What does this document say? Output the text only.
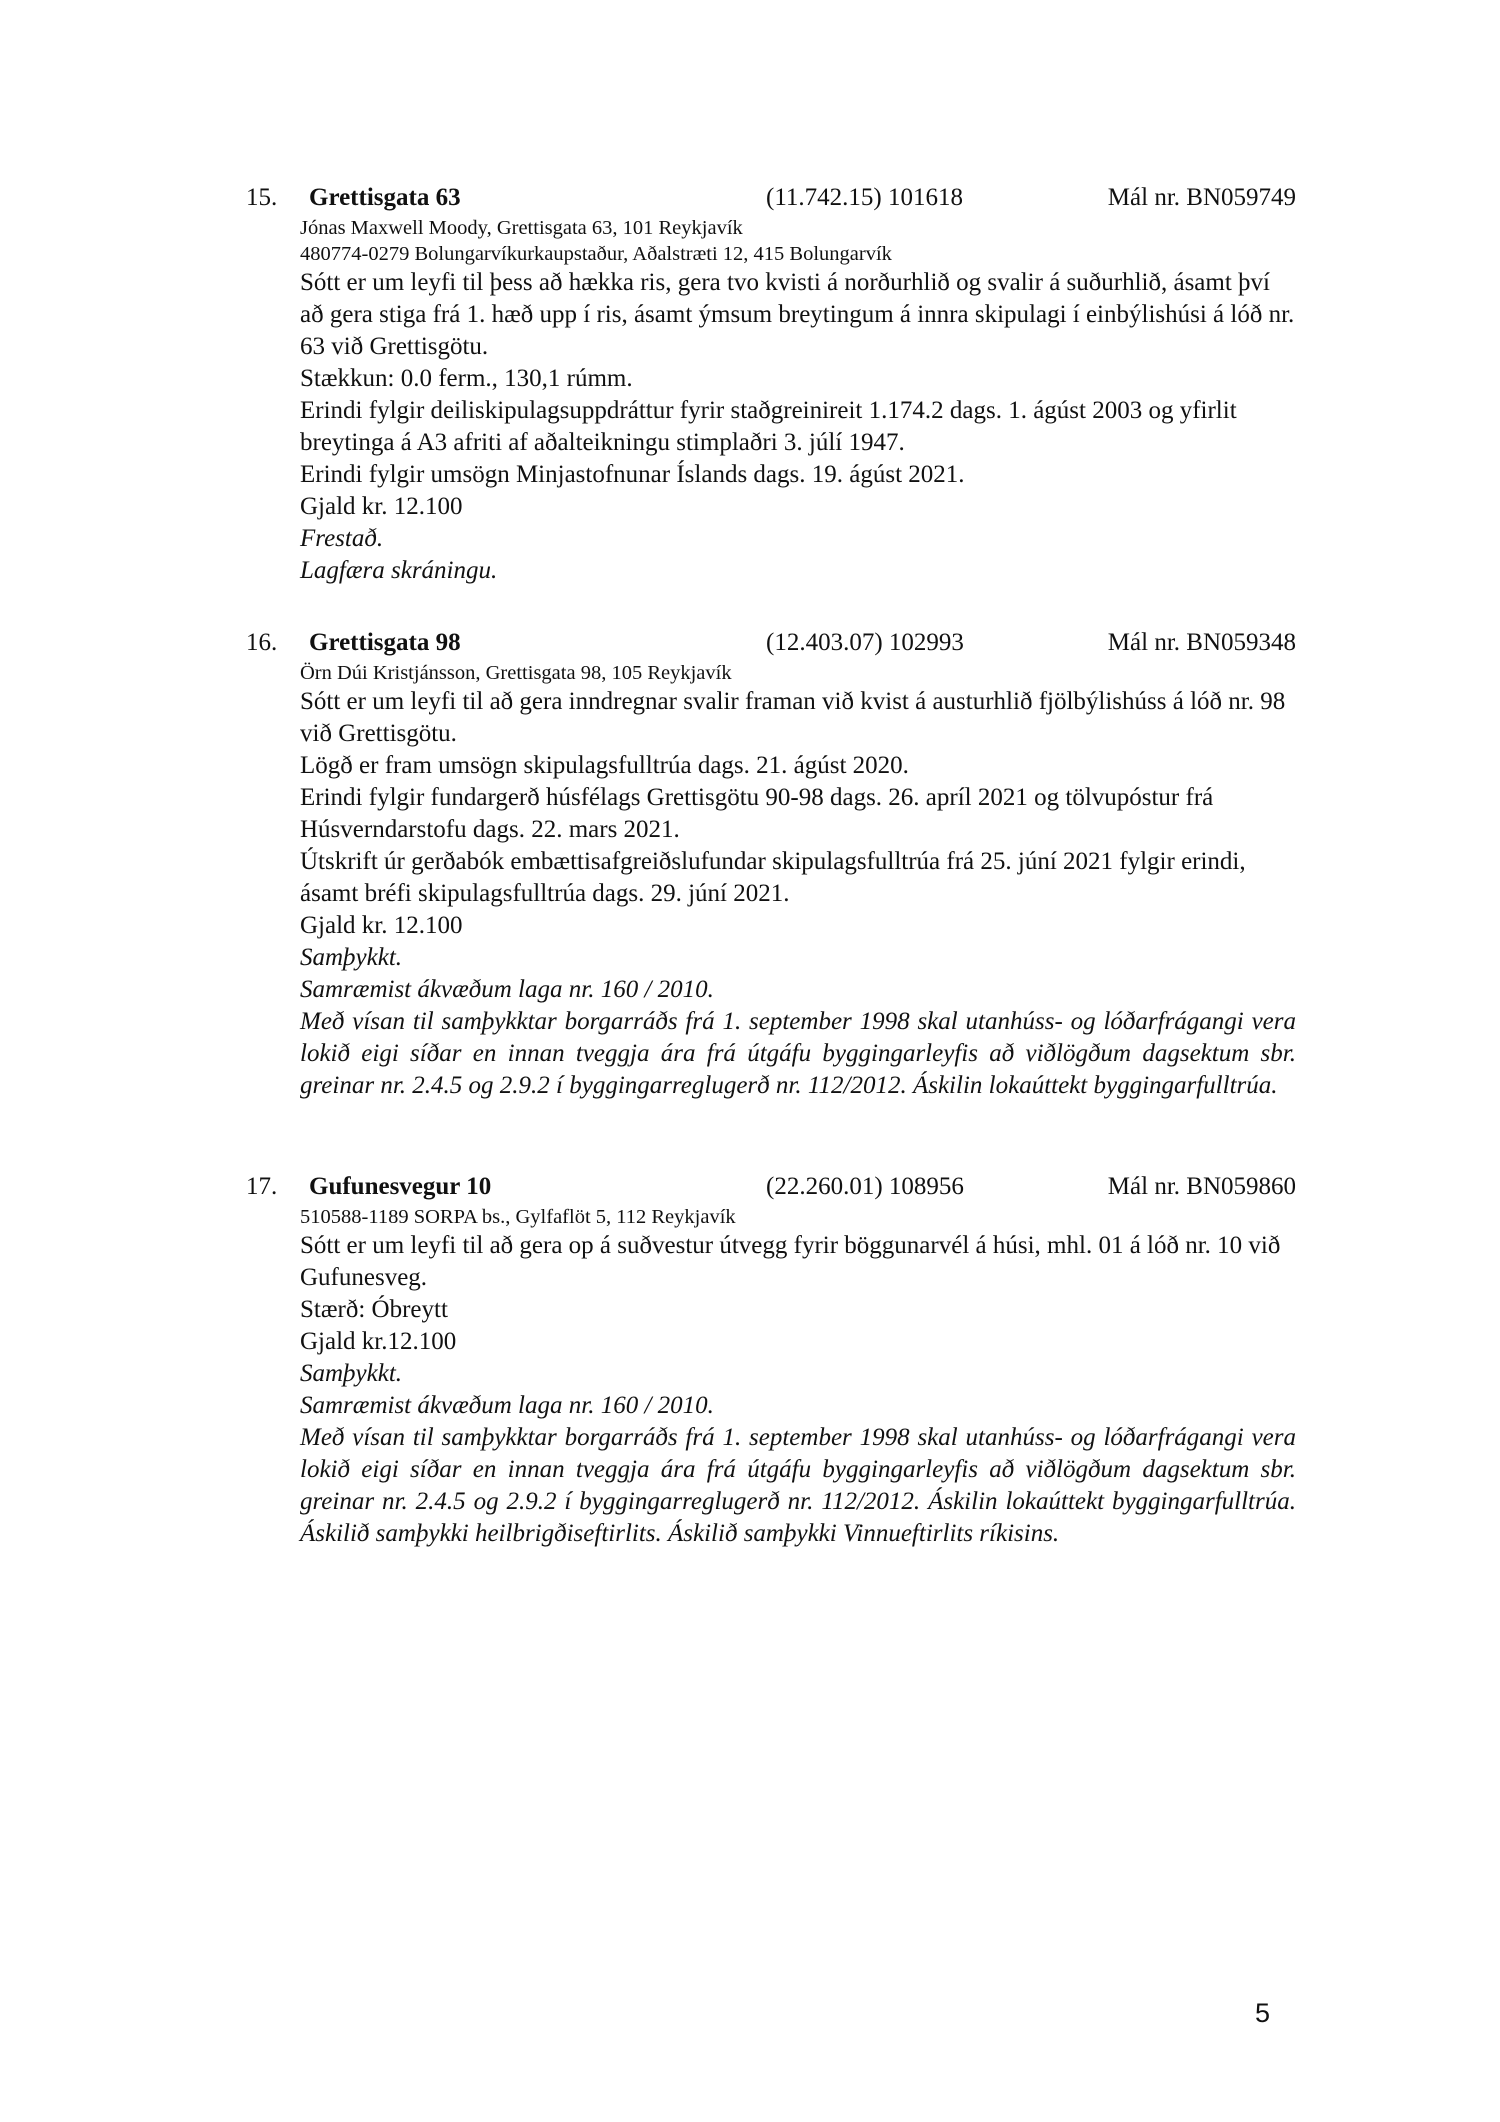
15. Grettisgata 63	(11.742.15) 101618	Mál nr. BN059749
Jónas Maxwell Moody, Grettisgata 63, 101 Reykjavík
480774-0279 Bolungarvíkurkaupstaður, Aðalstræti 12, 415 Bolungarvík
Sótt er um leyfi til þess að hækka ris, gera tvo kvisti á norðurhlið og svalir á suðurhlið, ásamt því að gera stiga frá 1. hæð upp í ris, ásamt ýmsum breytingum á innra skipulagi í einbýlishúsi á lóð nr. 63 við Grettisgötu.
Stækkun: 0.0 ferm., 130,1 rúmm.
Erindi fylgir deiliskipulagsuppdráttur fyrir staðgreinireit 1.174.2 dags. 1. ágúst 2003 og yfirlit breytinga á A3 afriti af aðalteikningu stimplaðri 3. júlí 1947.
Erindi fylgir umsögn Minjastofnunar Íslands dags. 19. ágúst 2021.
Gjald kr. 12.100
Frestað.
Lagfæra skráningu.
16. Grettisgata 98	(12.403.07) 102993	Mál nr. BN059348
Örn Dúi Kristjánsson, Grettisgata 98, 105 Reykjavík
Sótt er um leyfi til að gera inndregnar svalir framan við kvist á austurhlið fjölbýlishúss á lóð nr. 98 við Grettisgötu.
Lögð er fram umsögn skipulagsfulltrúa dags. 21. ágúst 2020.
Erindi fylgir fundargerð húsfélags Grettisgötu 90-98 dags. 26. apríl 2021 og tölvupóstur frá Húsverndarstofu dags. 22. mars 2021.
Útskrift úr gerðabók embættisafgreiðslufundar skipulagsfulltrúa frá 25. júní 2021 fylgir erindi, ásamt bréfi skipulagsfulltrúa dags. 29. júní 2021.
Gjald kr. 12.100
Samþykkt.
Samræmist ákvæðum laga nr. 160 / 2010.
Með vísan til samþykktar borgarráðs frá 1. september 1998 skal utanhúss- og lóðarfrágangi vera lokið eigi síðar en innan tveggja ára frá útgáfu byggingarleyfis að viðlögðum dagsektum sbr. greinar nr. 2.4.5 og 2.9.2 í byggingarreglugerð nr. 112/2012. Áskilin lokaúttekt byggingarfulltrúa.
17. Gufunesvegur 10	(22.260.01) 108956	Mál nr. BN059860
510588-1189 SORPA bs., Gylfaflöt 5, 112 Reykjavík
Sótt er um leyfi til að gera op á suðvestur útvegg fyrir böggunarvél á húsi, mhl. 01 á lóð nr. 10 við Gufunesveg.
Stærð: Óbreytt
Gjald kr.12.100
Samþykkt.
Samræmist ákvæðum laga nr. 160 / 2010.
Með vísan til samþykktar borgarráðs frá 1. september 1998 skal utanhúss- og lóðarfrágangi vera lokið eigi síðar en innan tveggja ára frá útgáfu byggingarleyfis að viðlögðum dagsektum sbr. greinar nr. 2.4.5 og 2.9.2 í byggingarreglugerð nr. 112/2012. Áskilin lokaúttekt byggingarfulltrúa. Áskilið samþykki heilbrigðiseftirlits. Áskilið samþykki Vinnueftirlits ríkisins.
5
